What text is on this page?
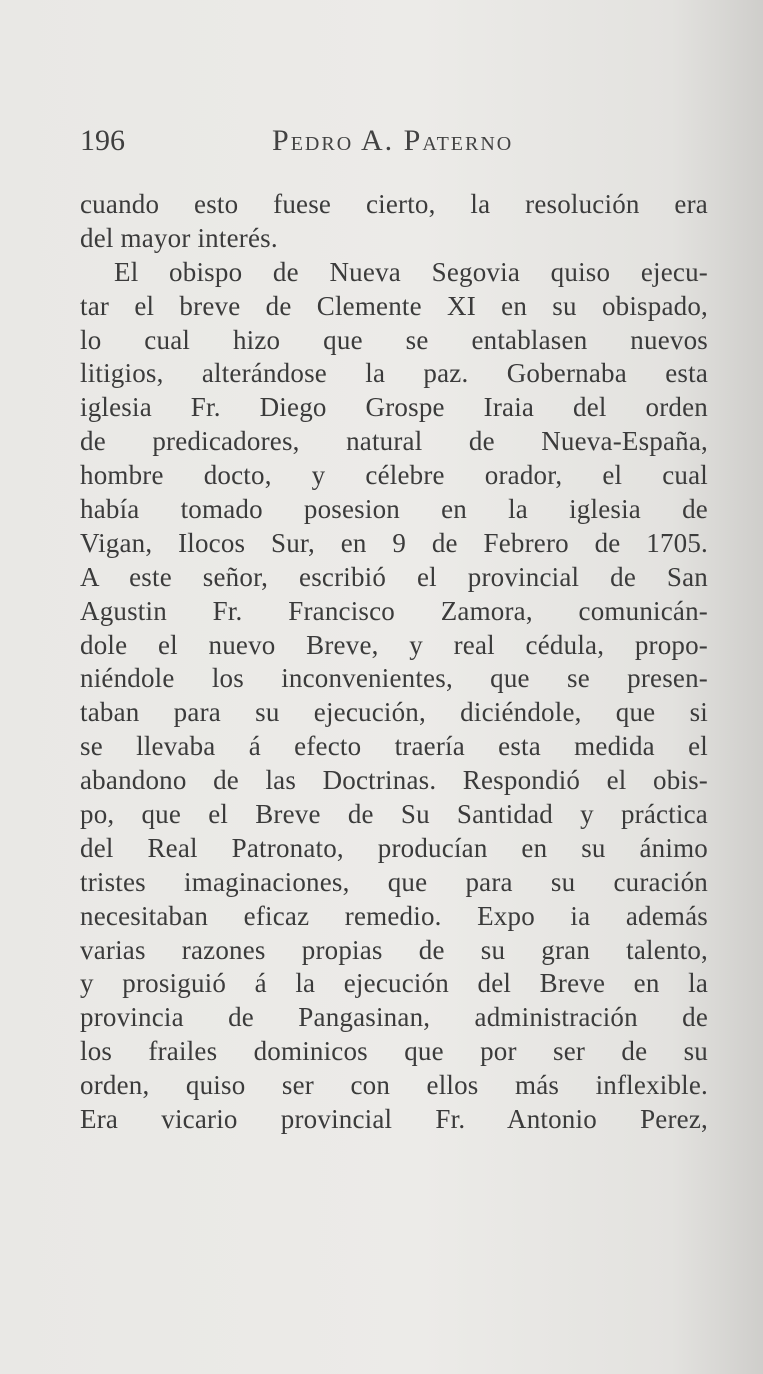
196	PEDRO A. PATERNO
cuando esto fuese cierto, la resolución era
del mayor interés.
El obispo de Nueva Segovia quiso ejecu-
tar el breve de Clemente XI en su obispado,
lo cual hizo que se entablasen nuevos
litigios, alterándose la paz. Gobernaba esta
iglesia Fr. Diego Grospe Iraia del orden
de predicadores, natural de Nueva-España,
hombre docto, y célebre orador, el cual
había tomado posesion en la iglesia de
Vigan, Ilocos Sur, en 9 de Febrero de 1705.
A este señor, escribió el provincial de San
Agustin Fr. Francisco Zamora, comunicán-
dole el nuevo Breve, y real cédula, propo-
niéndole los inconvenientes, que se presen-
taban para su ejecución, diciéndole, que si
se llevaba á efecto traería esta medida el
abandono de las Doctrinas. Respondió el obis-
po, que el Breve de Su Santidad y práctica
del Real Patronato, producían en su ánimo
tristes imaginaciones, que para su curación
necesitaban eficaz remedio. Expo ia además
varias razones propias de su gran talento,
y prosiguió á la ejecución del Breve en la
provincia de Pangasinan, administración de
los frailes dominicos que por ser de su
orden, quiso ser con ellos más inflexible.
Era vicario provincial Fr. Antonio Perez,
